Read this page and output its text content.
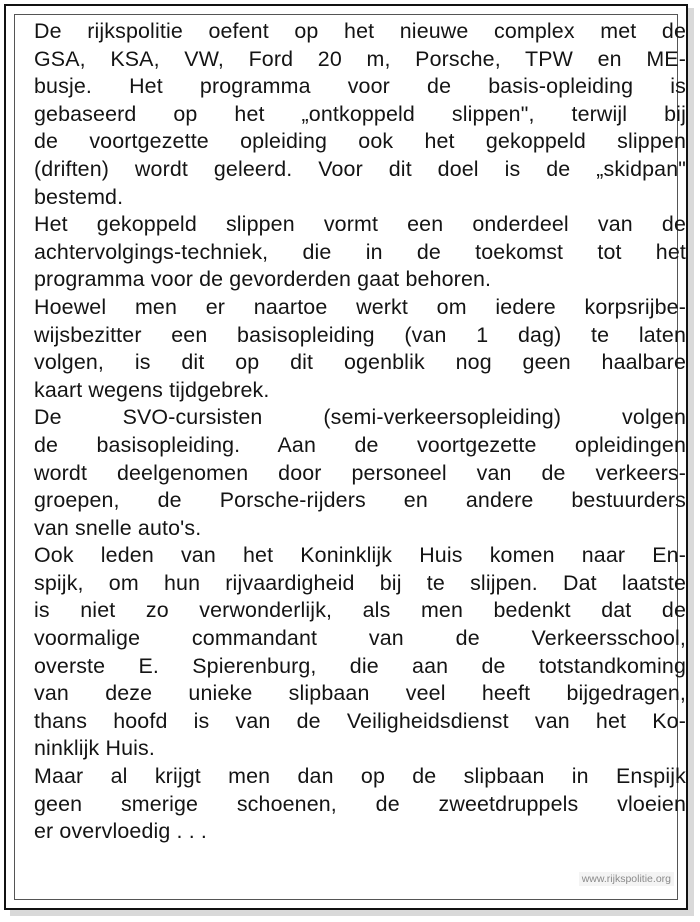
De rijkspolitie oefent op het nieuwe complex met de
GSA, KSA, VW, Ford 20 m, Porsche, TPW en ME-
busje. Het programma voor de basis-opleiding is
gebaseerd op het „ontkoppeld slippen", terwijl bij
de voortgezette opleiding ook het gekoppeld slippen
(driften) wordt geleerd. Voor dit doel is de „skidpan"
bestemd.
Het gekoppeld slippen vormt een onderdeel van de
achtervolgings-techniek, die in de toekomst tot het
programma voor de gevorderden gaat behoren.
Hoewel men er naartoe werkt om iedere korpsrijbe-
wijsbezitter een basisopleiding (van 1 dag) te laten
volgen, is dit op dit ogenblik nog geen haalbare
kaart wegens tijdgebrek.
De SVO-cursisten (semi-verkeersopleiding) volgen
de basisopleiding. Aan de voortgezette opleidingen
wordt deelgenomen door personeel van de verkeers-
groepen, de Porsche-rijders en andere bestuurders
van snelle auto's.
Ook leden van het Koninklijk Huis komen naar En-
spijk, om hun rijvaardigheid bij te slijpen. Dat laatste
is niet zo verwonderlijk, als men bedenkt dat de
voormalige commandant van de Verkeersschool,
overste E. Spierenburg, die aan de totstandkoming
van deze unieke slipbaan veel heeft bijgedragen,
thans hoofd is van de Veiligheidsdienst van het Ko-
ninklijk Huis.
Maar al krijgt men dan op de slipbaan in Enspijk
geen smerige schoenen, de zweetdruppels vloeien
er overvloedig . . .
www.rijkspolitie.org
